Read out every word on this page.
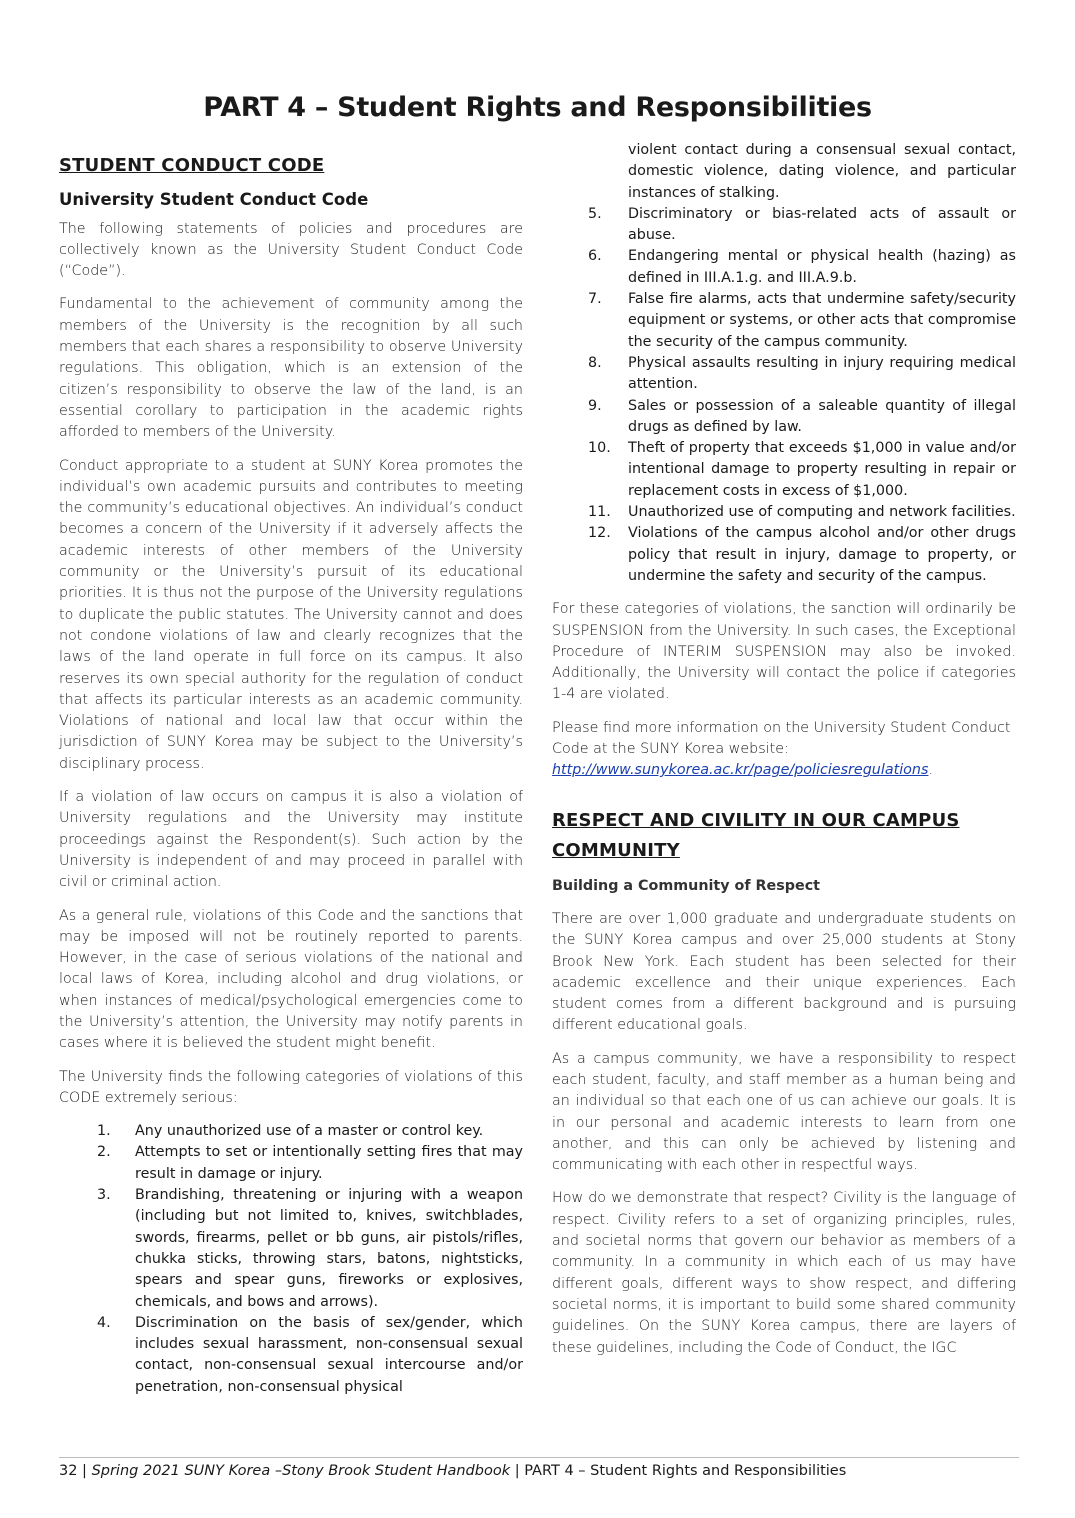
PART 4 – Student Rights and Responsibilities
STUDENT CONDUCT CODE
University Student Conduct Code

The following statements of policies and procedures are collectively known as the University Student Conduct Code (“Code”).

Fundamental to the achievement of community among the members of the University is the recognition by all such members that each shares a responsibility to observe University regulations. This obligation, which is an extension of the citizen’s responsibility to observe the law of the land, is an essential corollary to participation in the academic rights afforded to members of the University.

Conduct appropriate to a student at SUNY Korea promotes the individual’s own academic pursuits and contributes to meeting the community’s educational objectives. An individual’s conduct becomes a concern of the University if it adversely affects the academic interests of other members of the University community or the University’s pursuit of its educational priorities. It is thus not the purpose of the University regulations to duplicate the public statutes. The University cannot and does not condone violations of law and clearly recognizes that the laws of the land operate in full force on its campus. It also reserves its own special authority for the regulation of conduct that affects its particular interests as an academic community. Violations of national and local law that occur within the jurisdiction of SUNY Korea may be subject to the University’s disciplinary process.

If a violation of law occurs on campus it is also a violation of University regulations and the University may institute proceedings against the Respondent(s). Such action by the University is independent of and may proceed in parallel with civil or criminal action.

As a general rule, violations of this Code and the sanctions that may be imposed will not be routinely reported to parents. However, in the case of serious violations of the national and local laws of Korea, including alcohol and drug violations, or when instances of medical/psychological emergencies come to the University’s attention, the University may notify parents in cases where it is believed the student might benefit.

The University finds the following categories of violations of this CODE extremely serious:

1. Any unauthorized use of a master or control key.
2. Attempts to set or intentionally setting fires that may result in damage or injury.
3. Brandishing, threatening or injuring with a weapon (including but not limited to, knives, switchblades, swords, firearms, pellet or bb guns, air pistols/rifles, chukka sticks, throwing stars, batons, nightsticks, spears and spear guns, fireworks or explosives, chemicals, and bows and arrows).
4. Discrimination on the basis of sex/gender, which includes sexual harassment, non-consensual sexual contact, non-consensual sexual intercourse and/or penetration, non-consensual physical
violent contact during a consensual sexual contact, domestic violence, dating violence, and particular instances of stalking.
5. Discriminatory or bias-related acts of assault or abuse.
6. Endangering mental or physical health (hazing) as defined in III.A.1.g. and III.A.9.b.
7. False fire alarms, acts that undermine safety/security equipment or systems, or other acts that compromise the security of the campus community.
8. Physical assaults resulting in injury requiring medical attention.
9. Sales or possession of a saleable quantity of illegal drugs as defined by law.
10. Theft of property that exceeds $1,000 in value and/or intentional damage to property resulting in repair or replacement costs in excess of $1,000.
11. Unauthorized use of computing and network facilities.
12. Violations of the campus alcohol and/or other drugs policy that result in injury, damage to property, or undermine the safety and security of the campus.

For these categories of violations, the sanction will ordinarily be SUSPENSION from the University. In such cases, the Exceptional Procedure of INTERIM SUSPENSION may also be invoked. Additionally, the University will contact the police if categories 1-4 are violated.

Please find more information on the University Student Conduct Code at the SUNY Korea website:

http://www.sunykorea.ac.kr/page/policiesregulations.

RESPECT AND CIVILITY IN OUR CAMPUS COMMUNITY
Building a Community of Respect

There are over 1,000 graduate and undergraduate students on the SUNY Korea campus and over 25,000 students at Stony Brook New York. Each student has been selected for their academic excellence and their unique experiences. Each student comes from a different background and is pursuing different educational goals.

As a campus community, we have a responsibility to respect each student, faculty, and staff member as a human being and an individual so that each one of us can achieve our goals. It is in our personal and academic interests to learn from one another, and this can only be achieved by listening and communicating with each other in respectful ways.

How do we demonstrate that respect? Civility is the language of respect. Civility refers to a set of organizing principles, rules, and societal norms that govern our behavior as members of a community. In a community in which each of us may have different goals, different ways to show respect, and differing societal norms, it is important to build some shared community guidelines. On the SUNY Korea campus, there are layers of these guidelines, including the Code of Conduct, the IGC

32 | Spring 2021 SUNY Korea –Stony Brook Student Handbook | PART 4 – Student Rights and Responsibilities
